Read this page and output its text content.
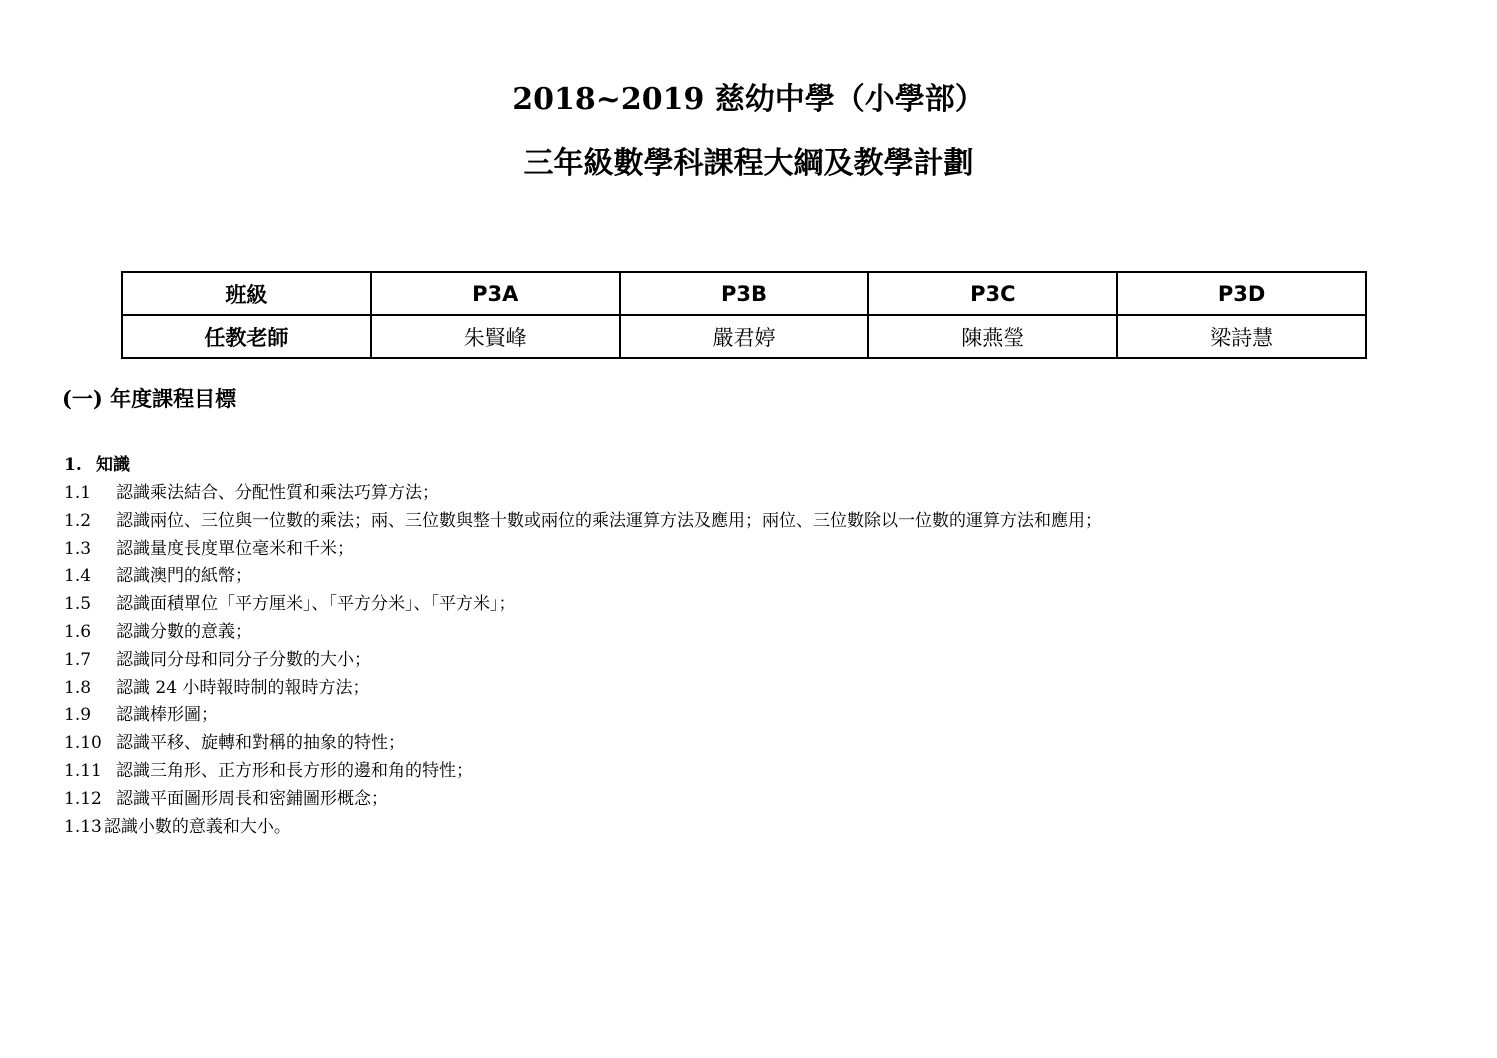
2018~2019 慈幼中學（小學部）
三年級數學科課程大綱及教學計劃
班級	P3A	P3B	P3C	P3D
任教老師	朱賢峰	嚴君婷	陳燕瑩	梁詩慧
(一) 年度課程目標
1. 知識
1.1 認識乘法結合、分配性質和乘法巧算方法；
1.2 認識兩位、三位與一位數的乘法；兩、三位數與整十數或兩位的乘法運算方法及應用；兩位、三位數除以一位數的運算方法和應用；
1.3 認識量度長度單位毫米和千米；
1.4 認識澳門的紙幣；
1.5 認識面積單位「平方厘米」、「平方分米」、「平方米」；
1.6 認識分數的意義；
1.7 認識同分母和同分子分數的大小；
1.8 認識 24 小時報時制的報時方法；
1.9 認識棒形圖；
1.10 認識平移、旋轉和對稱的抽象的特性；
1.11 認識三角形、正方形和長方形的邊和角的特性；
1.12 認識平面圖形周長和密鋪圖形概念；
1.13 認識小數的意義和大小。
